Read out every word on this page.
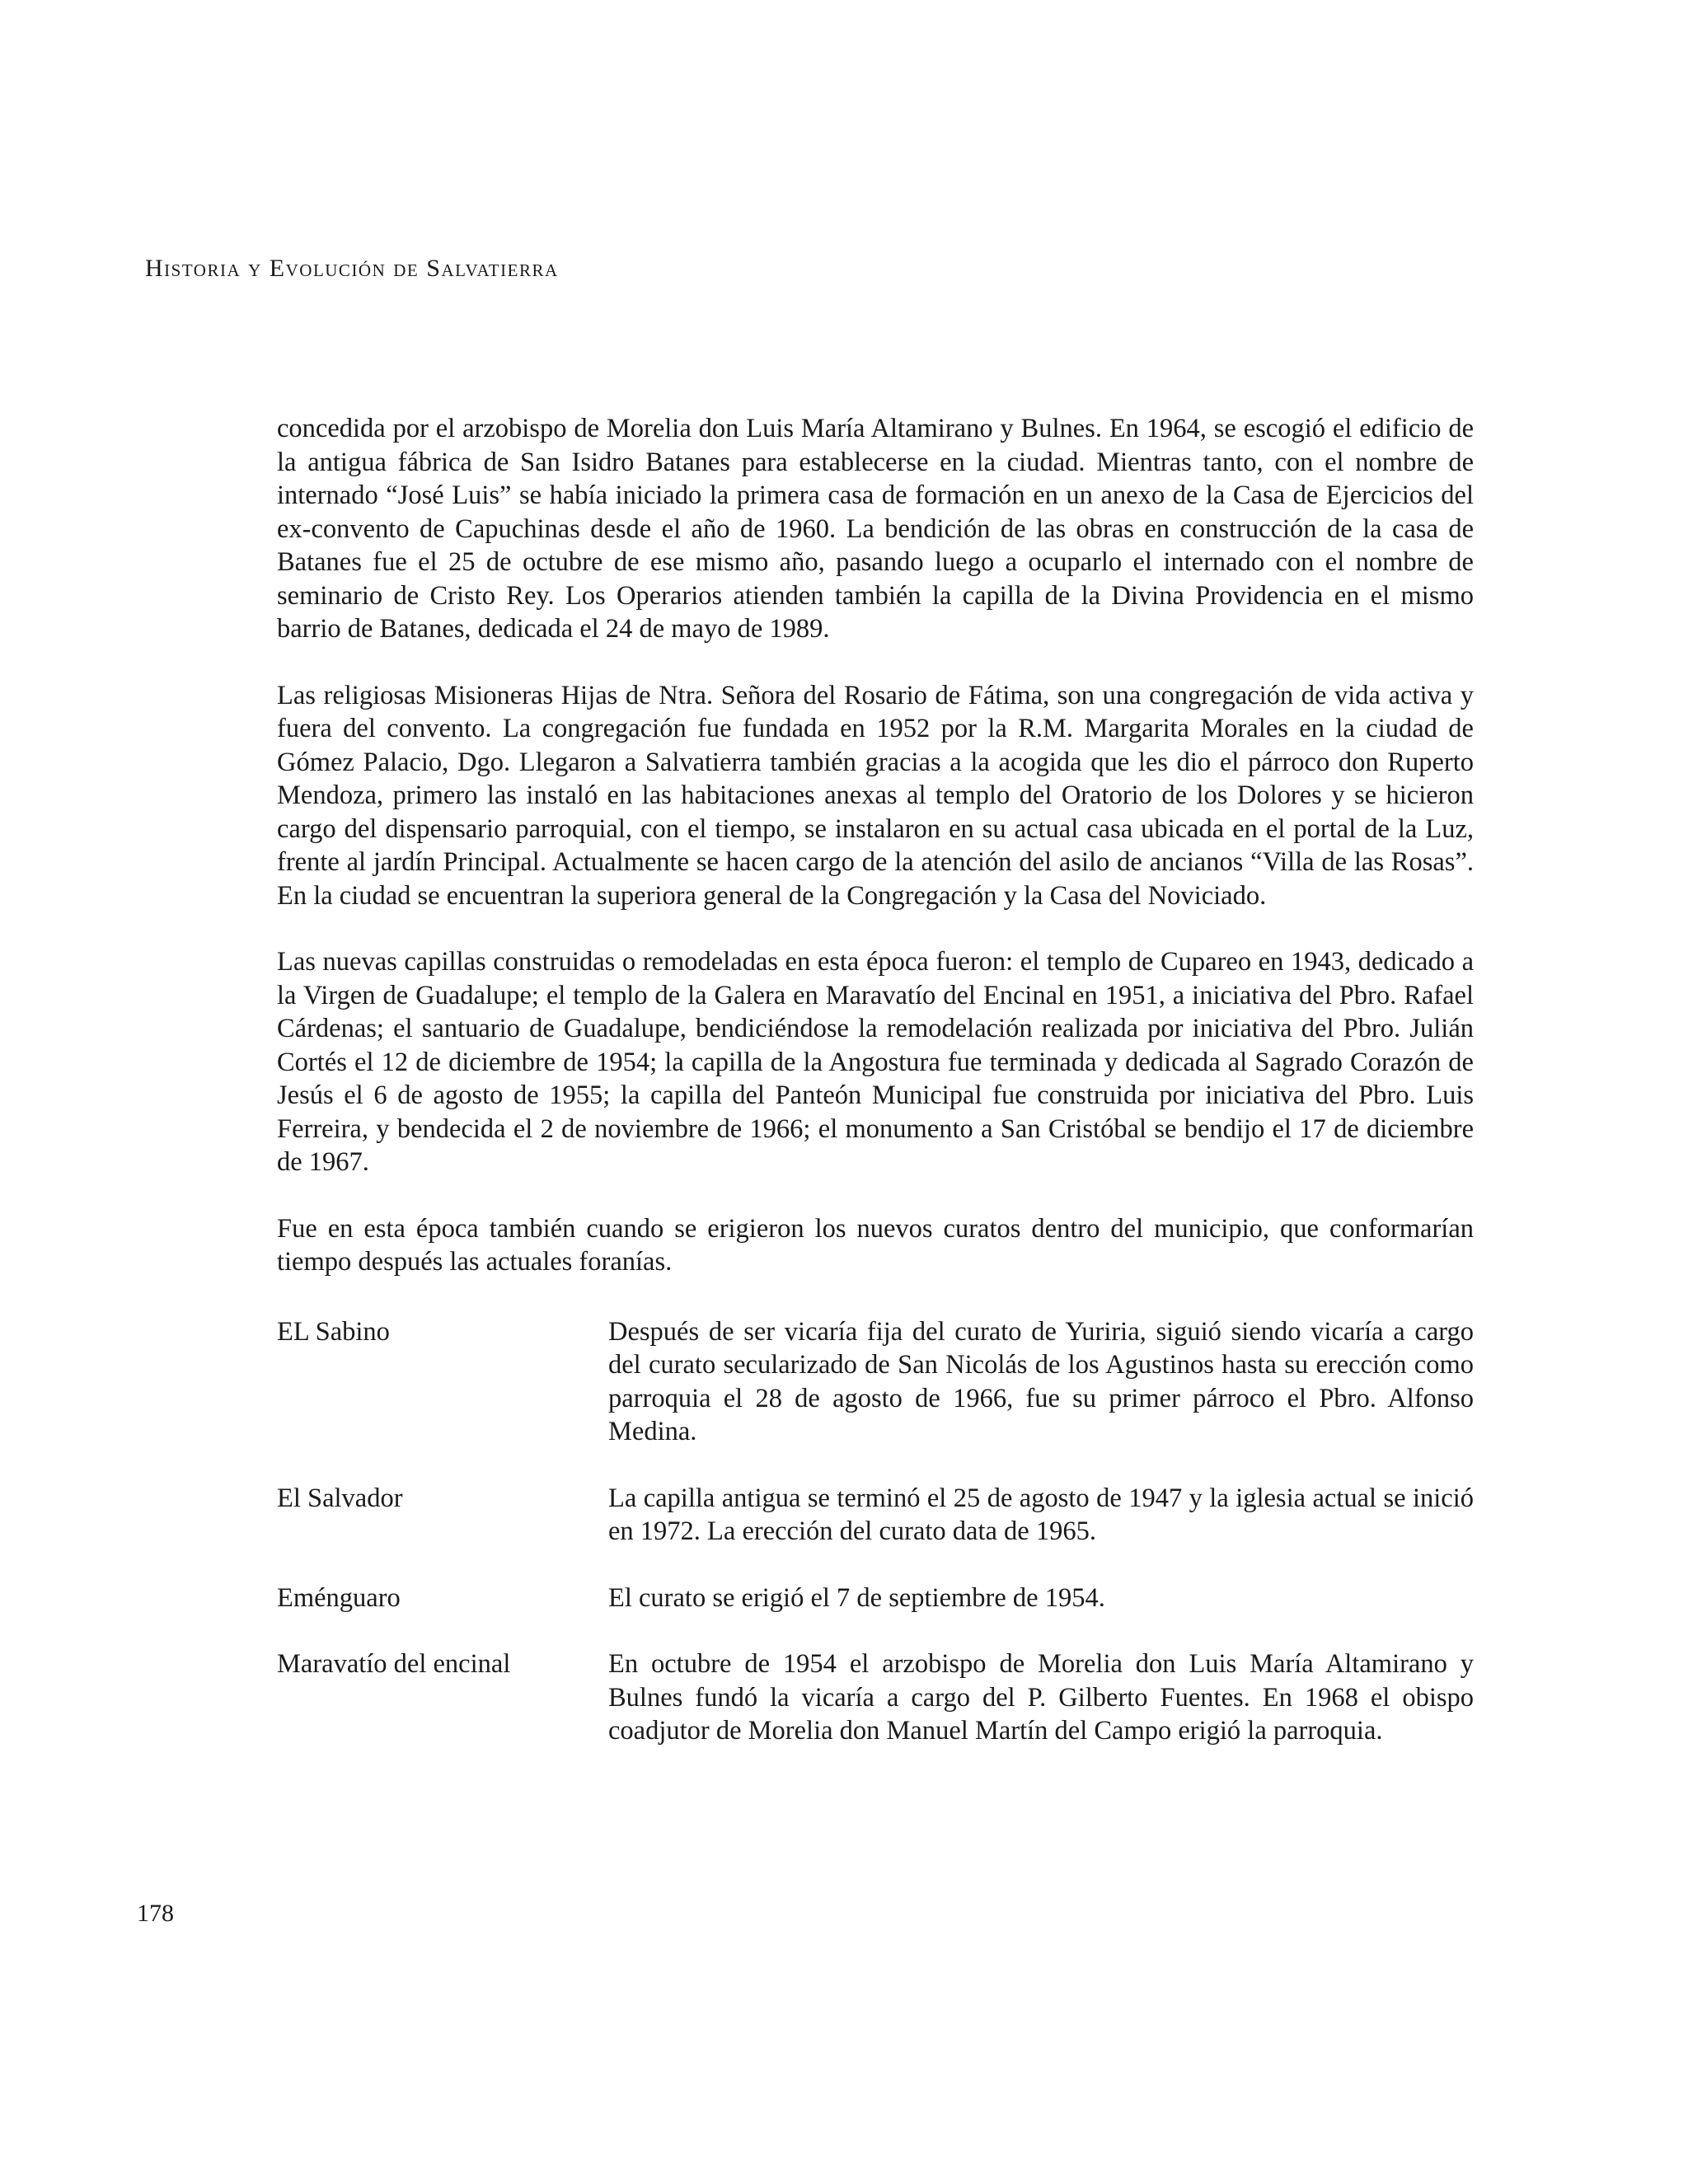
Historia y Evolución de Salvatierra

concedida por el arzobispo de Morelia don Luis María Altamirano y Bulnes. En 1964, se escogió el edificio de la antigua fábrica de San Isidro Batanes para establecerse en la ciudad. Mientras tanto, con el nombre de internado “José Luis” se había iniciado la primera casa de formación en un anexo de la Casa de Ejercicios del ex-convento de Capuchinas desde el año de 1960. La bendición de las obras en construcción de la casa de Batanes fue el 25 de octubre de ese mismo año, pasando luego a ocuparlo el internado con el nombre de seminario de Cristo Rey. Los Operarios atienden también la capilla de la Divina Providencia en el mismo barrio de Batanes, dedicada el 24 de mayo de 1989.

Las religiosas Misioneras Hijas de Ntra. Señora del Rosario de Fátima, son una congregación de vida activa y fuera del convento. La congregación fue fundada en 1952 por la R.M. Margarita Morales en la ciudad de Gómez Palacio, Dgo. Llegaron a Salvatierra también gracias a la acogida que les dio el párroco don Ruperto Mendoza, primero las instaló en las habitaciones anexas al templo del Oratorio de los Dolores y se hicieron cargo del dispensario parroquial, con el tiempo, se instalaron en su actual casa ubicada en el portal de la Luz, frente al jardín Principal. Actualmente se hacen cargo de la atención del asilo de ancianos “Villa de las Rosas”. En la ciudad se encuentran la superiora general de la Congregación y la Casa del Noviciado.

Las nuevas capillas construidas o remodeladas en esta época fueron: el templo de Cupareo en 1943, dedicado a la Virgen de Guadalupe; el templo de la Galera en Maravatío del Encinal en 1951, a iniciativa del Pbro. Rafael Cárdenas; el santuario de Guadalupe, bendiciéndose la remodelación realizada por iniciativa del Pbro. Julián Cortés el 12 de diciembre de 1954; la capilla de la Angostura fue terminada y dedicada al Sagrado Corazón de Jesús el 6 de agosto de 1955; la capilla del Panteón Municipal fue construida por iniciativa del Pbro. Luis Ferreira, y bendecida el 2 de noviembre de 1966; el monumento a San Cristóbal se bendijo el 17 de diciembre de 1967.

Fue en esta época también cuando se erigieron los nuevos curatos dentro del municipio, que conformarían tiempo después las actuales foranías.

EL Sabino	Después de ser vicaría fija del curato de Yuriria, siguió siendo vicaría a cargo del curato secularizado de San Nicolás de los Agustinos hasta su erección como parroquia el 28 de agosto de 1966, fue su primer párroco el Pbro. Alfonso Medina.
El Salvador	La capilla antigua se terminó el 25 de agosto de 1947 y la iglesia actual se inició en 1972. La erección del curato data de 1965.
Eménguaro	El curato se erigió el 7 de septiembre de 1954.
Maravatío del encinal	En octubre de 1954 el arzobispo de Morelia don Luis María Altamirano y Bulnes fundó la vicaría a cargo del P. Gilberto Fuentes. En 1968 el obispo coadjutor de Morelia don Manuel Martín del Campo erigió la parroquia.
178
